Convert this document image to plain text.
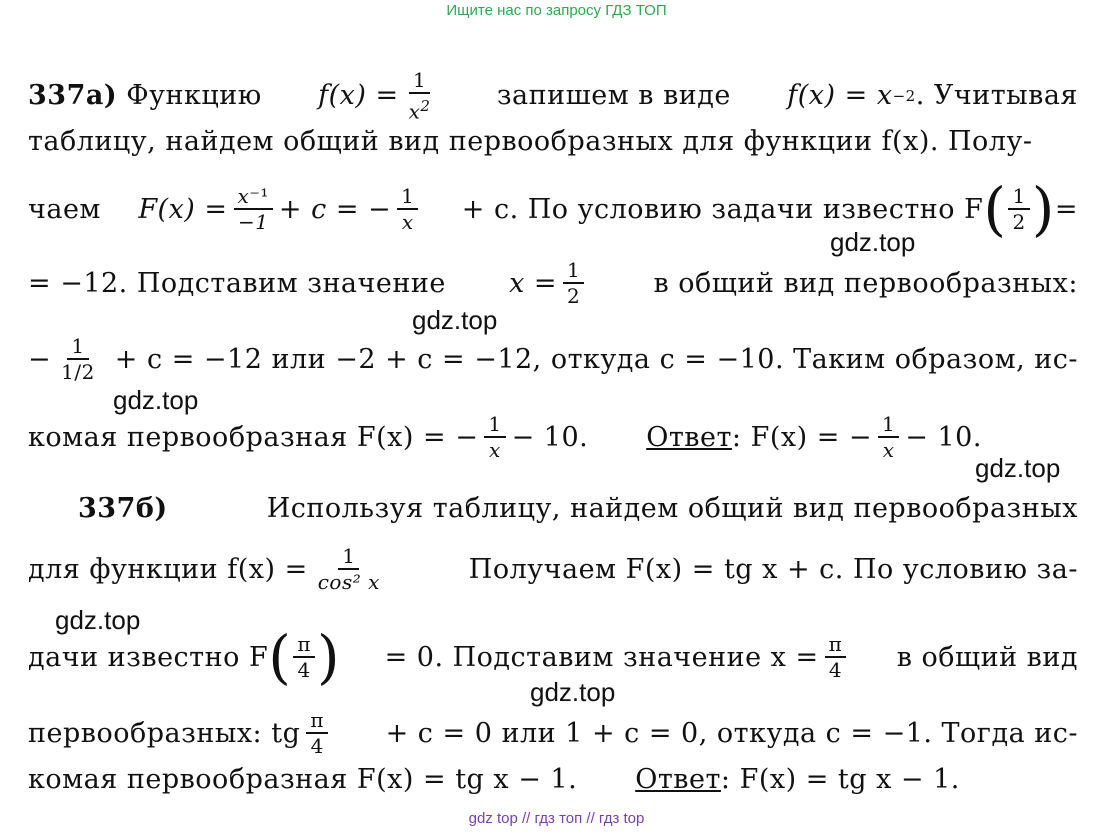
Ищите нас по запросу ГДЗ ТОП
337а)
Функцию $f(x) = \frac{1}{x^2}$ запишем в виде f(x) = x −2 . Учитывая
таблицу, найдем общий вид первообразных для функции f(x). Полу-
чаем $F(x) = \frac{\text{x⁻¹}}{-1} + c$ = − $\frac{1}{x} + c$. По условию задачи известно F ( $\frac{1}{2}$ ) =
= −12. Подставим значение $x = \frac{1}{2}$	в общий вид первообразных:
− $\frac{1}{1/2} + c = -12$ или −2 + c = −12, откуда c = −10. Таким образом, ис-
комая первообразная F(x) = − $\frac{1}{x} - 10$. Ответ : F(x) = − $\frac{1}{x} - 10$.
337б)	Используя таблицу, найдем общий вид первообразных
для функции $f(x) = \frac{1}{\text{cos² x}}$	Получаем F(x) = tg x + c. По условию за-
дачи известно F ( $\frac{\pi}{4}$ ) = 0. Подставим значение $x = \frac{\pi}{4}$ в общий вид
первообразных: tg $\frac{\pi}{4} + c = 0$ или 1 + c = 0, откуда c = −1. Тогда ис-
комая первообразная F(x) = tg x − 1. Ответ : F(x) = tg x − 1.
gdz.top
gdz.top
gdz.top
gdz.top
gdz.top
gdz.top
gdz top // гдз топ // гдз top
